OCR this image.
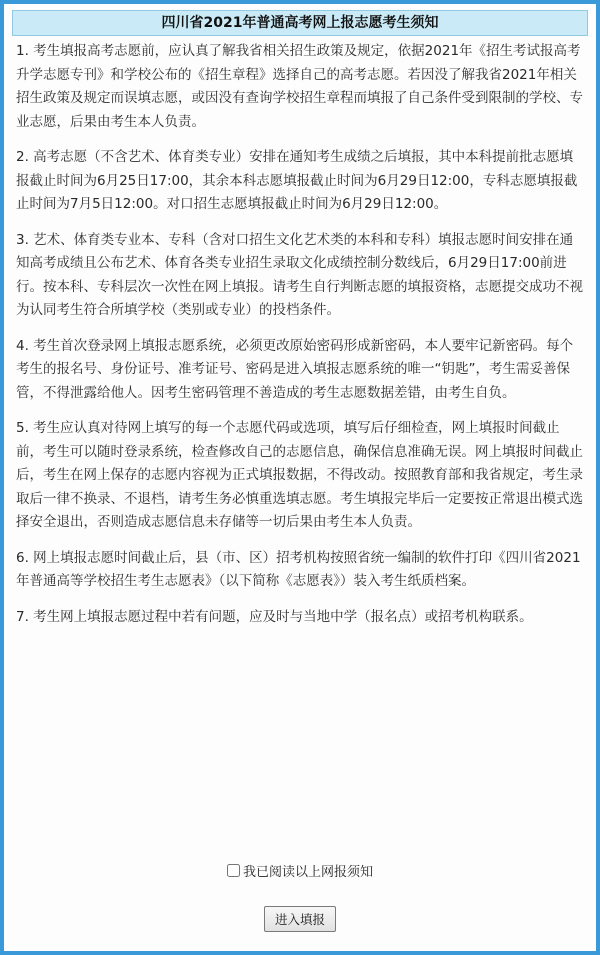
四川省2021年普通高考网上报志愿考生须知

1. 考生填报高考志愿前，应认真了解我省相关招生政策及规定，依据2021年《招生考试报高考升学志愿专刊》和学校公布的《招生章程》选择自己的高考志愿。若因没了解我省2021年相关招生政策及规定而误填志愿，或因没有查询学校招生章程而填报了自己条件受到限制的学校、专业志愿，后果由考生本人负责。

2. 高考志愿（不含艺术、体育类专业）安排在通知考生成绩之后填报，其中本科提前批志愿填报截止时间为6月25日17:00，其余本科志愿填报截止时间为6月29日12:00，专科志愿填报截止时间为7月5日12:00。对口招生志愿填报截止时间为6月29日12:00。

3. 艺术、体育类专业本、专科（含对口招生文化艺术类的本科和专科）填报志愿时间安排在通知高考成绩且公布艺术、体育各类专业招生录取文化成绩控制分数线后，6月29日17:00前进行。按本科、专科层次一次性在网上填报。请考生自行判断志愿的填报资格，志愿提交成功不视为认同考生符合所填学校（类别或专业）的投档条件。

4. 考生首次登录网上填报志愿系统，必须更改原始密码形成新密码，本人要牢记新密码。每个考生的报名号、身份证号、准考证号、密码是进入填报志愿系统的唯一“钥匙”，考生需妥善保管，不得泄露给他人。因考生密码管理不善造成的考生志愿数据差错，由考生自负。

5. 考生应认真对待网上填写的每一个志愿代码或选项，填写后仔细检查，网上填报时间截止前，考生可以随时登录系统，检查修改自己的志愿信息，确保信息准确无误。网上填报时间截止后，考生在网上保存的志愿内容视为正式填报数据，不得改动。按照教育部和我省规定，考生录取后一律不换录、不退档，请考生务必慎重选填志愿。考生填报完毕后一定要按正常退出模式选择安全退出，否则造成志愿信息未存储等一切后果由考生本人负责。

6. 网上填报志愿时间截止后，县（市、区）招考机构按照省统一编制的软件打印《四川省2021年普通高等学校招生考生志愿表》（以下简称《志愿表》）装入考生纸质档案。

7. 考生网上填报志愿过程中若有问题，应及时与当地中学（报名点）或招考机构联系。

我已阅读以上网报须知
进入填报
